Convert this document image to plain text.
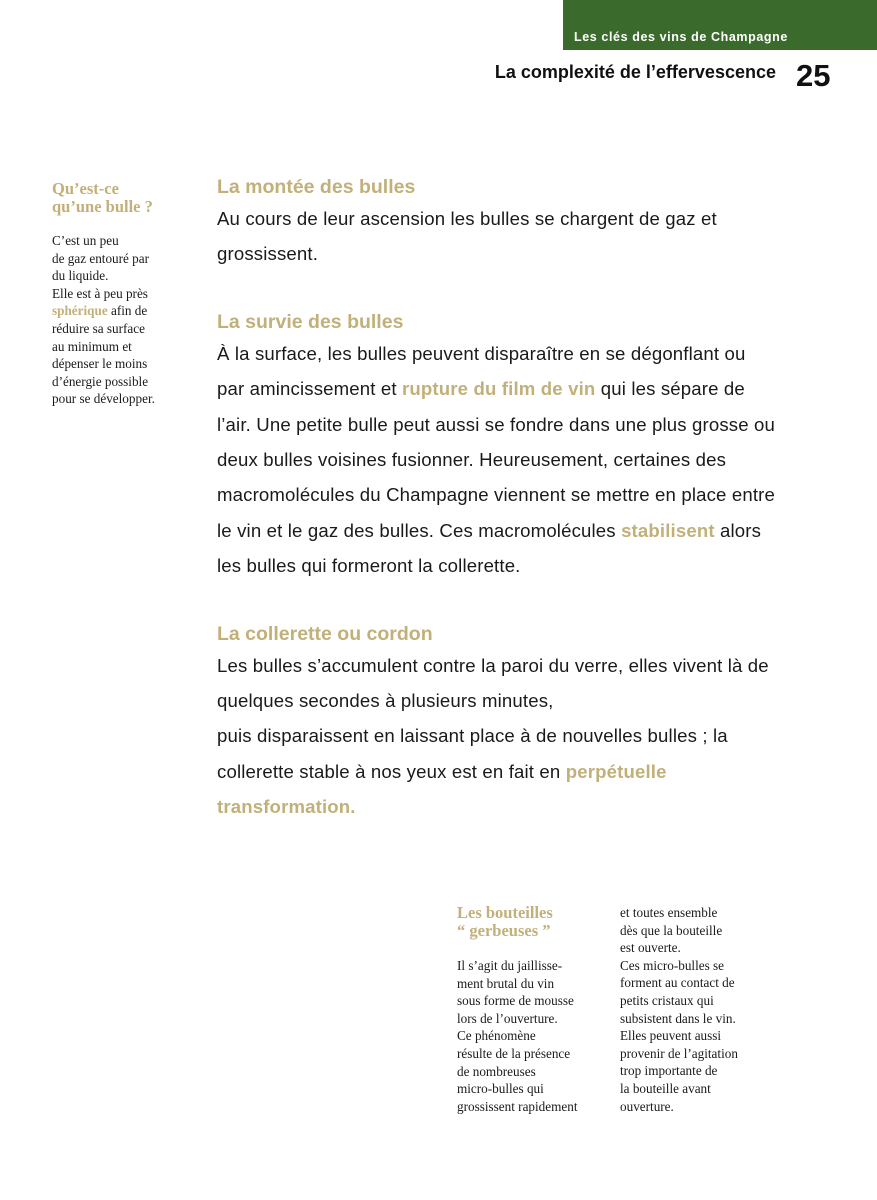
Les clés des vins de Champagne
La complexité de l’effervescence 25
Qu’est-ce
qu’une bulle ?

C’est un peu
de gaz entouré par
du liquide.
Elle est à peu près
sphérique afin de
réduire sa surface
au minimum et
dépenser le moins
d’énergie possible
pour se développer.

La montée des bulles

Au cours de leur ascension les bulles se chargent de gaz et grossissent.

La survie des bulles

À la surface, les bulles peuvent disparaître en se dégonflant ou par amincissement et rupture du film de vin qui les sépare de l’air. Une petite bulle peut aussi se fondre dans une plus grosse ou deux bulles voisines fusionner. Heureusement, certaines des macromolécules du Champagne viennent se mettre en place entre le vin et le gaz des bulles. Ces macromolécules stabilisent alors les bulles qui formeront la collerette.

La collerette ou cordon

Les bulles s’accumulent contre la paroi du verre, elles vivent là de quelques secondes à plusieurs minutes,
puis disparaissent en laissant place à de nouvelles bulles ; la collerette stable à nos yeux est en fait en perpétuelle transformation.

Les bouteilles
“ gerbeuses ”

Il s’agit du jaillisse-
ment brutal du vin
sous forme de mousse
lors de l’ouverture.
Ce phénomène
résulte de la présence
de nombreuses
micro-bulles qui
grossissent rapidement

et toutes ensemble
dès que la bouteille
est ouverte.
Ces micro-bulles se
forment au contact de
petits cristaux qui
subsistent dans le vin.
Elles peuvent aussi
provenir de l’agitation
trop importante de
la bouteille avant
ouverture.
